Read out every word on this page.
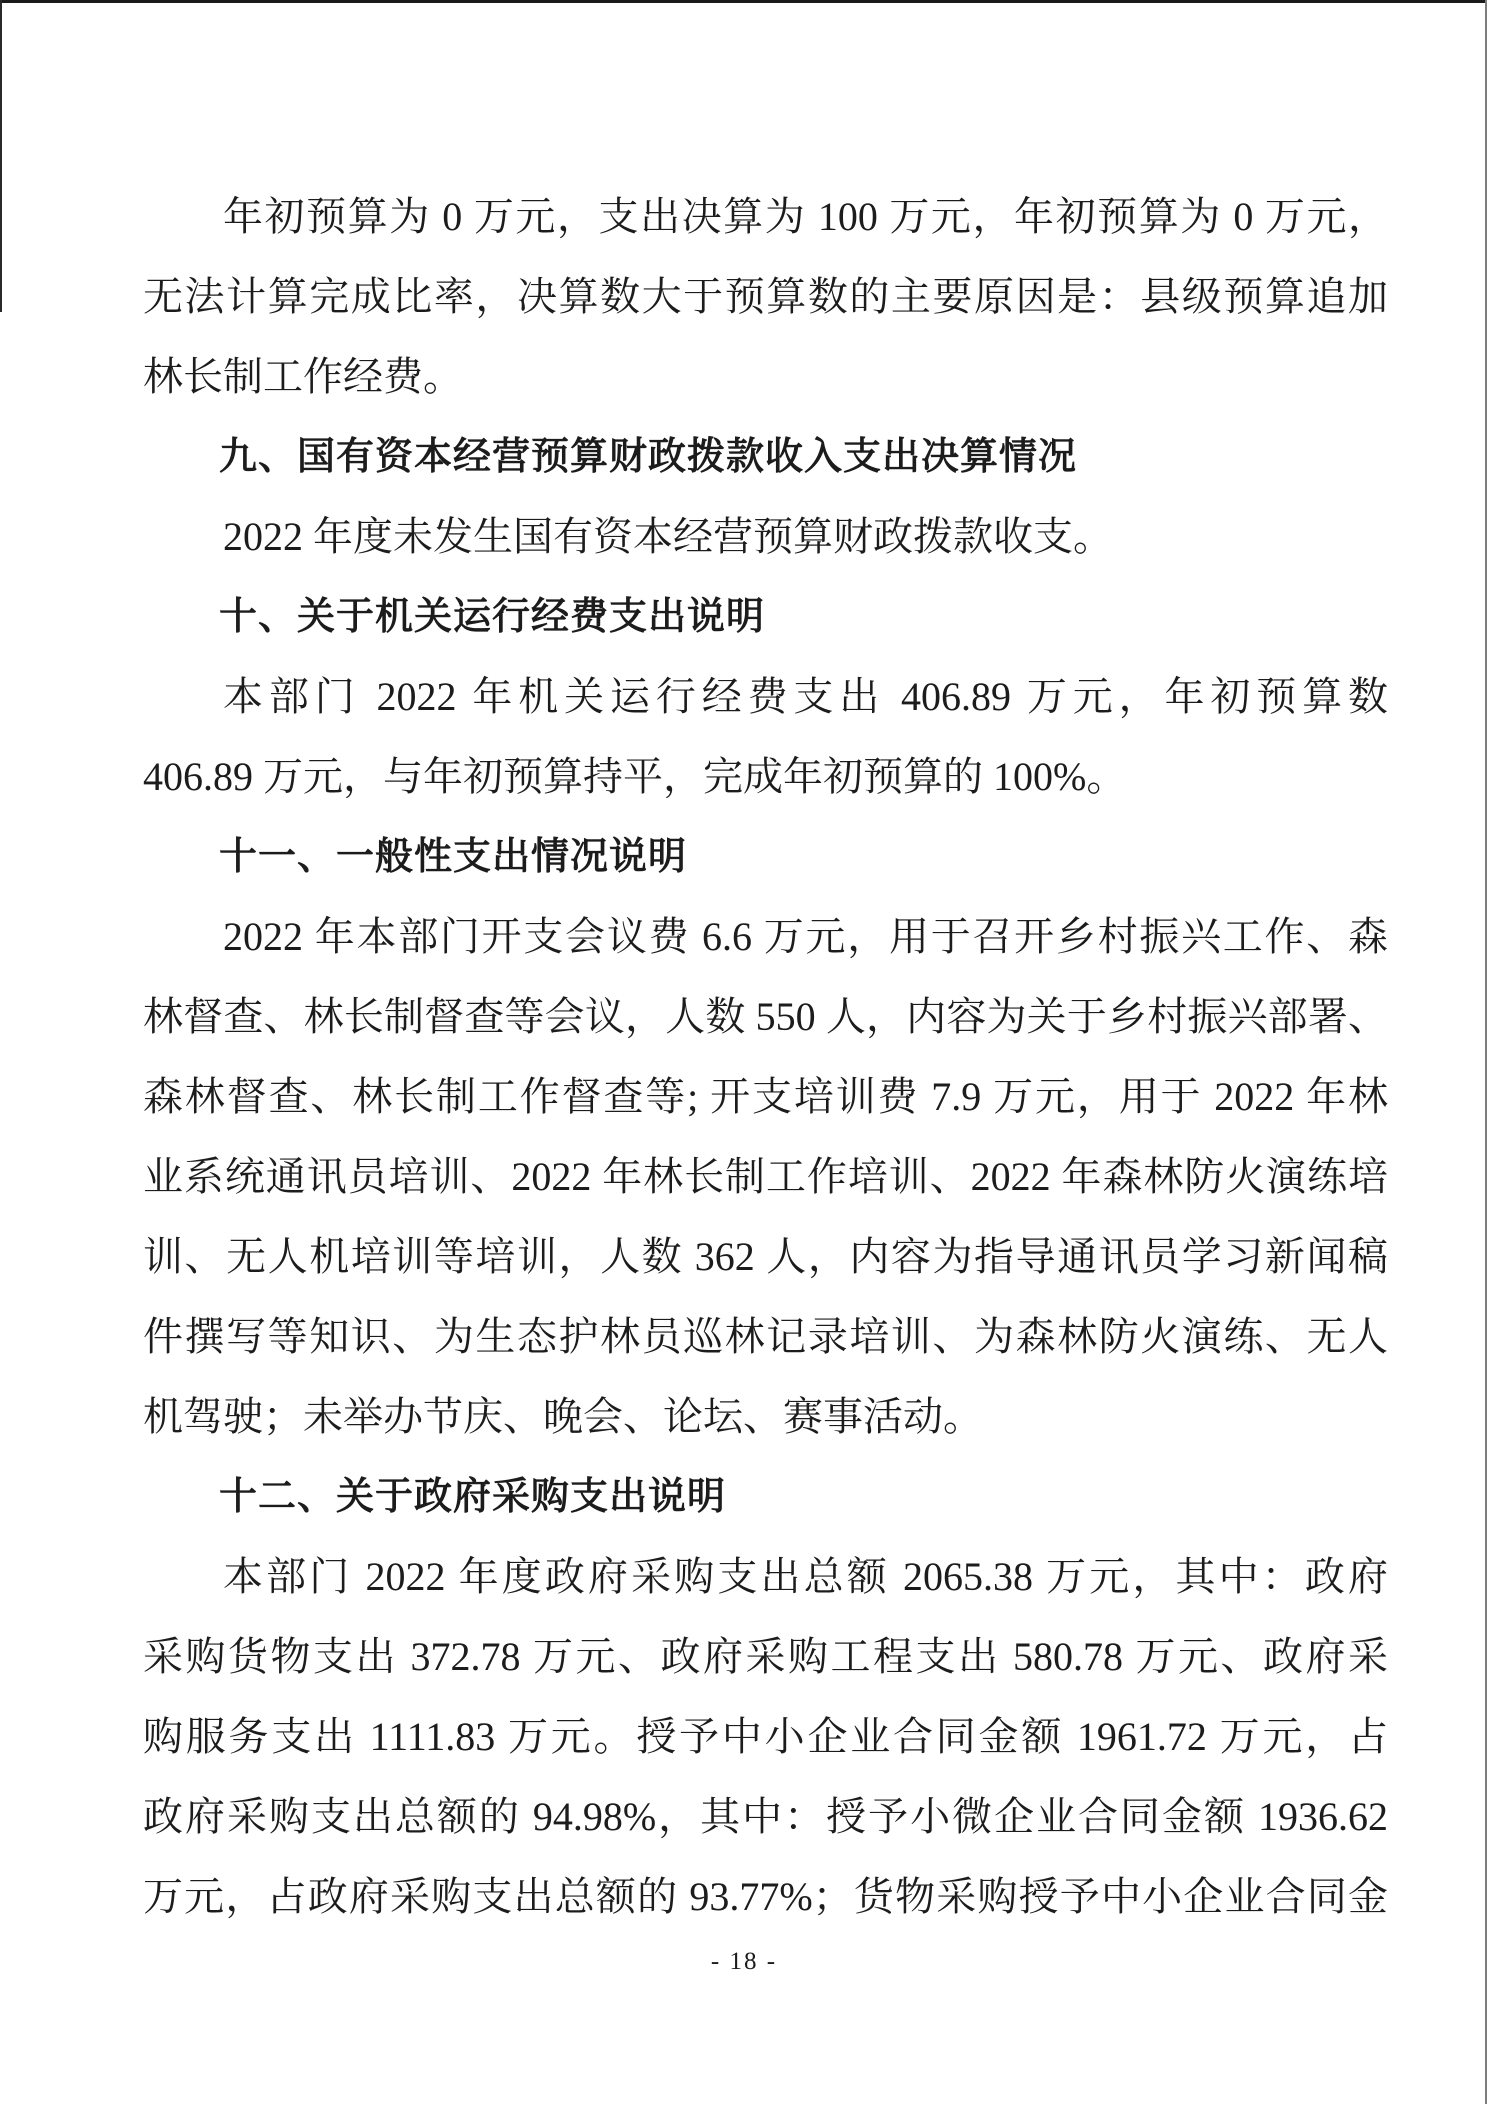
年初预算为 0 万元，支出决算为 100 万元，年初预算为 0 万元，
无法计算完成比率，决算数大于预算数的主要原因是：县级预算追加
林长制工作经费。
九、国有资本经营预算财政拨款收入支出决算情况
2022 年度未发生国有资本经营预算财政拨款收支。
十、关于机关运行经费支出说明
本部门 2022 年机关运行经费支出 406.89 万元，年初预算数
406.89 万元，与年初预算持平，完成年初预算的 100%。
十一、一般性支出情况说明
2022 年本部门开支会议费 6.6 万元，用于召开乡村振兴工作、森
林督查、林长制督查等会议，人数 550 人，内容为关于乡村振兴部署、
森林督查、林长制工作督查等; 开支培训费 7.9 万元，用于 2022 年林
业系统通讯员培训、2022 年林长制工作培训、2022 年森林防火演练培
训、无人机培训等培训，人数 362 人，内容为指导通讯员学习新闻稿
件撰写等知识、为生态护林员巡林记录培训、为森林防火演练、无人
机驾驶；未举办节庆、晚会、论坛、赛事活动。
十二、关于政府采购支出说明
本部门 2022 年度政府采购支出总额 2065.38 万元，其中：政府
采购货物支出 372.78 万元、政府采购工程支出 580.78 万元、政府采
购服务支出 1111.83 万元。授予中小企业合同金额 1961.72 万元，占
政府采购支出总额的 94.98%，其中：授予小微企业合同金额 1936.62
万元，占政府采购支出总额的 93.77%；货物采购授予中小企业合同金
- 18 -
